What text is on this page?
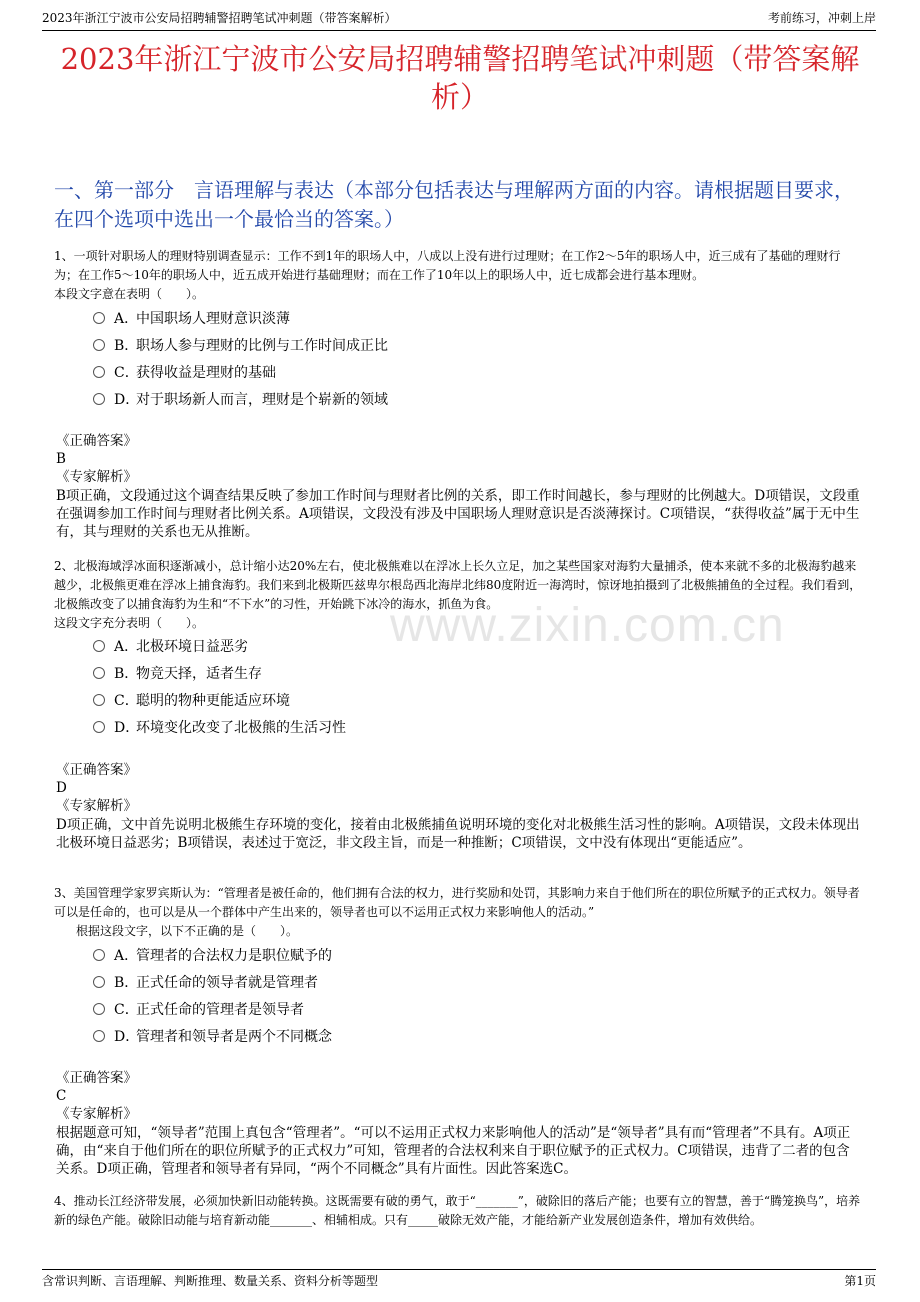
2023年浙江宁波市公安局招聘辅警招聘笔试冲刺题（带答案解析）	考前练习，冲刺上岸
2023年浙江宁波市公安局招聘辅警招聘笔试冲刺题（带答案解析）
一、第一部分　言语理解与表达（本部分包括表达与理解两方面的内容。请根据题目要求，在四个选项中选出一个最恰当的答案。）
www.zixin.com.cn

1、一项针对职场人的理财特别调查显示：工作不到1年的职场人中，八成以上没有进行过理财；在工作2～5年的职场人中，近三成有了基础的理财行为；在工作5～10年的职场人中，近五成开始进行基础理财；而在工作了10年以上的职场人中，近七成都会进行基本理财。

本段文字意在表明（　　）。

A．
中国职场人理财意识淡薄
B．
职场人参与理财的比例与工作时间成正比
C．
获得收益是理财的基础
D．
对于职场新人而言，理财是个崭新的领域

《正确答案》

B

《专家解析》

B项正确，文段通过这个调查结果反映了参加工作时间与理财者比例的关系，即工作时间越长，参与理财的比例越大。D项错误，文段重在强调参加工作时间与理财者比例关系。A项错误，文段没有涉及中国职场人理财意识是否淡薄探讨。C项错误，“获得收益”属于无中生有，其与理财的关系也无从推断。

2、北极海域浮冰面积逐渐减小，总计缩小达20%左右，使北极熊难以在浮冰上长久立足，加之某些国家对海豹大量捕杀，使本来就不多的北极海豹越来越少，北极熊更难在浮冰上捕食海豹。我们来到北极斯匹兹卑尔根岛西北海岸北纬80度附近一海湾时，惊讶地拍摄到了北极熊捕鱼的全过程。我们看到，北极熊改变了以捕食海豹为生和“不下水”的习性，开始跳下冰冷的海水，抓鱼为食。

这段文字充分表明（　　）。

A．
北极环境日益恶劣
B．
物竞天择，适者生存
C．
聪明的物种更能适应环境
D．
环境变化改变了北极熊的生活习性

《正确答案》

D

《专家解析》

D项正确，文中首先说明北极熊生存环境的变化，接着由北极熊捕鱼说明环境的变化对北极熊生活习性的影响。A项错误，文段未体现出北极环境日益恶劣；B项错误，表述过于宽泛，非文段主旨，而是一种推断；C项错误，文中没有体现出“更能适应”。

3、美国管理学家罗宾斯认为：“管理者是被任命的，他们拥有合法的权力，进行奖励和处罚，其影响力来自于他们所在的职位所赋予的正式权力。领导者可以是任命的，也可以是从一个群体中产生出来的，领导者也可以不运用正式权力来影响他人的活动。”

根据这段文字，以下不正确的是（　　）。

A．
管理者的合法权力是职位赋予的
B．
正式任命的领导者就是管理者
C．
正式任命的管理者是领导者
D．
管理者和领导者是两个不同概念

《正确答案》

C

《专家解析》

根据题意可知，“领导者”范围上真包含“管理者”。“可以不运用正式权力来影响他人的活动”是“领导者”具有而“管理者”不具有。A项正确，由“来自于他们所在的职位所赋予的正式权力”可知，管理者的合法权利来自于职位赋予的正式权力。C项错误，违背了二者的包含关系。D项正确，管理者和领导者有异同，“两个不同概念”具有片面性。因此答案选C。

4、推动长江经济带发展，必须加快新旧动能转换。这既需要有破的勇气，敢于“_______”，破除旧的落后产能；也要有立的智慧，善于“腾笼换鸟”，培养新的绿色产能。破除旧动能与培育新动能_______、相辅相成。只有_____破除无效产能，才能给新产业发展创造条件，增加有效供给。

含常识判断、言语理解、判断推理、数量关系、资料分析等题型	第1页
